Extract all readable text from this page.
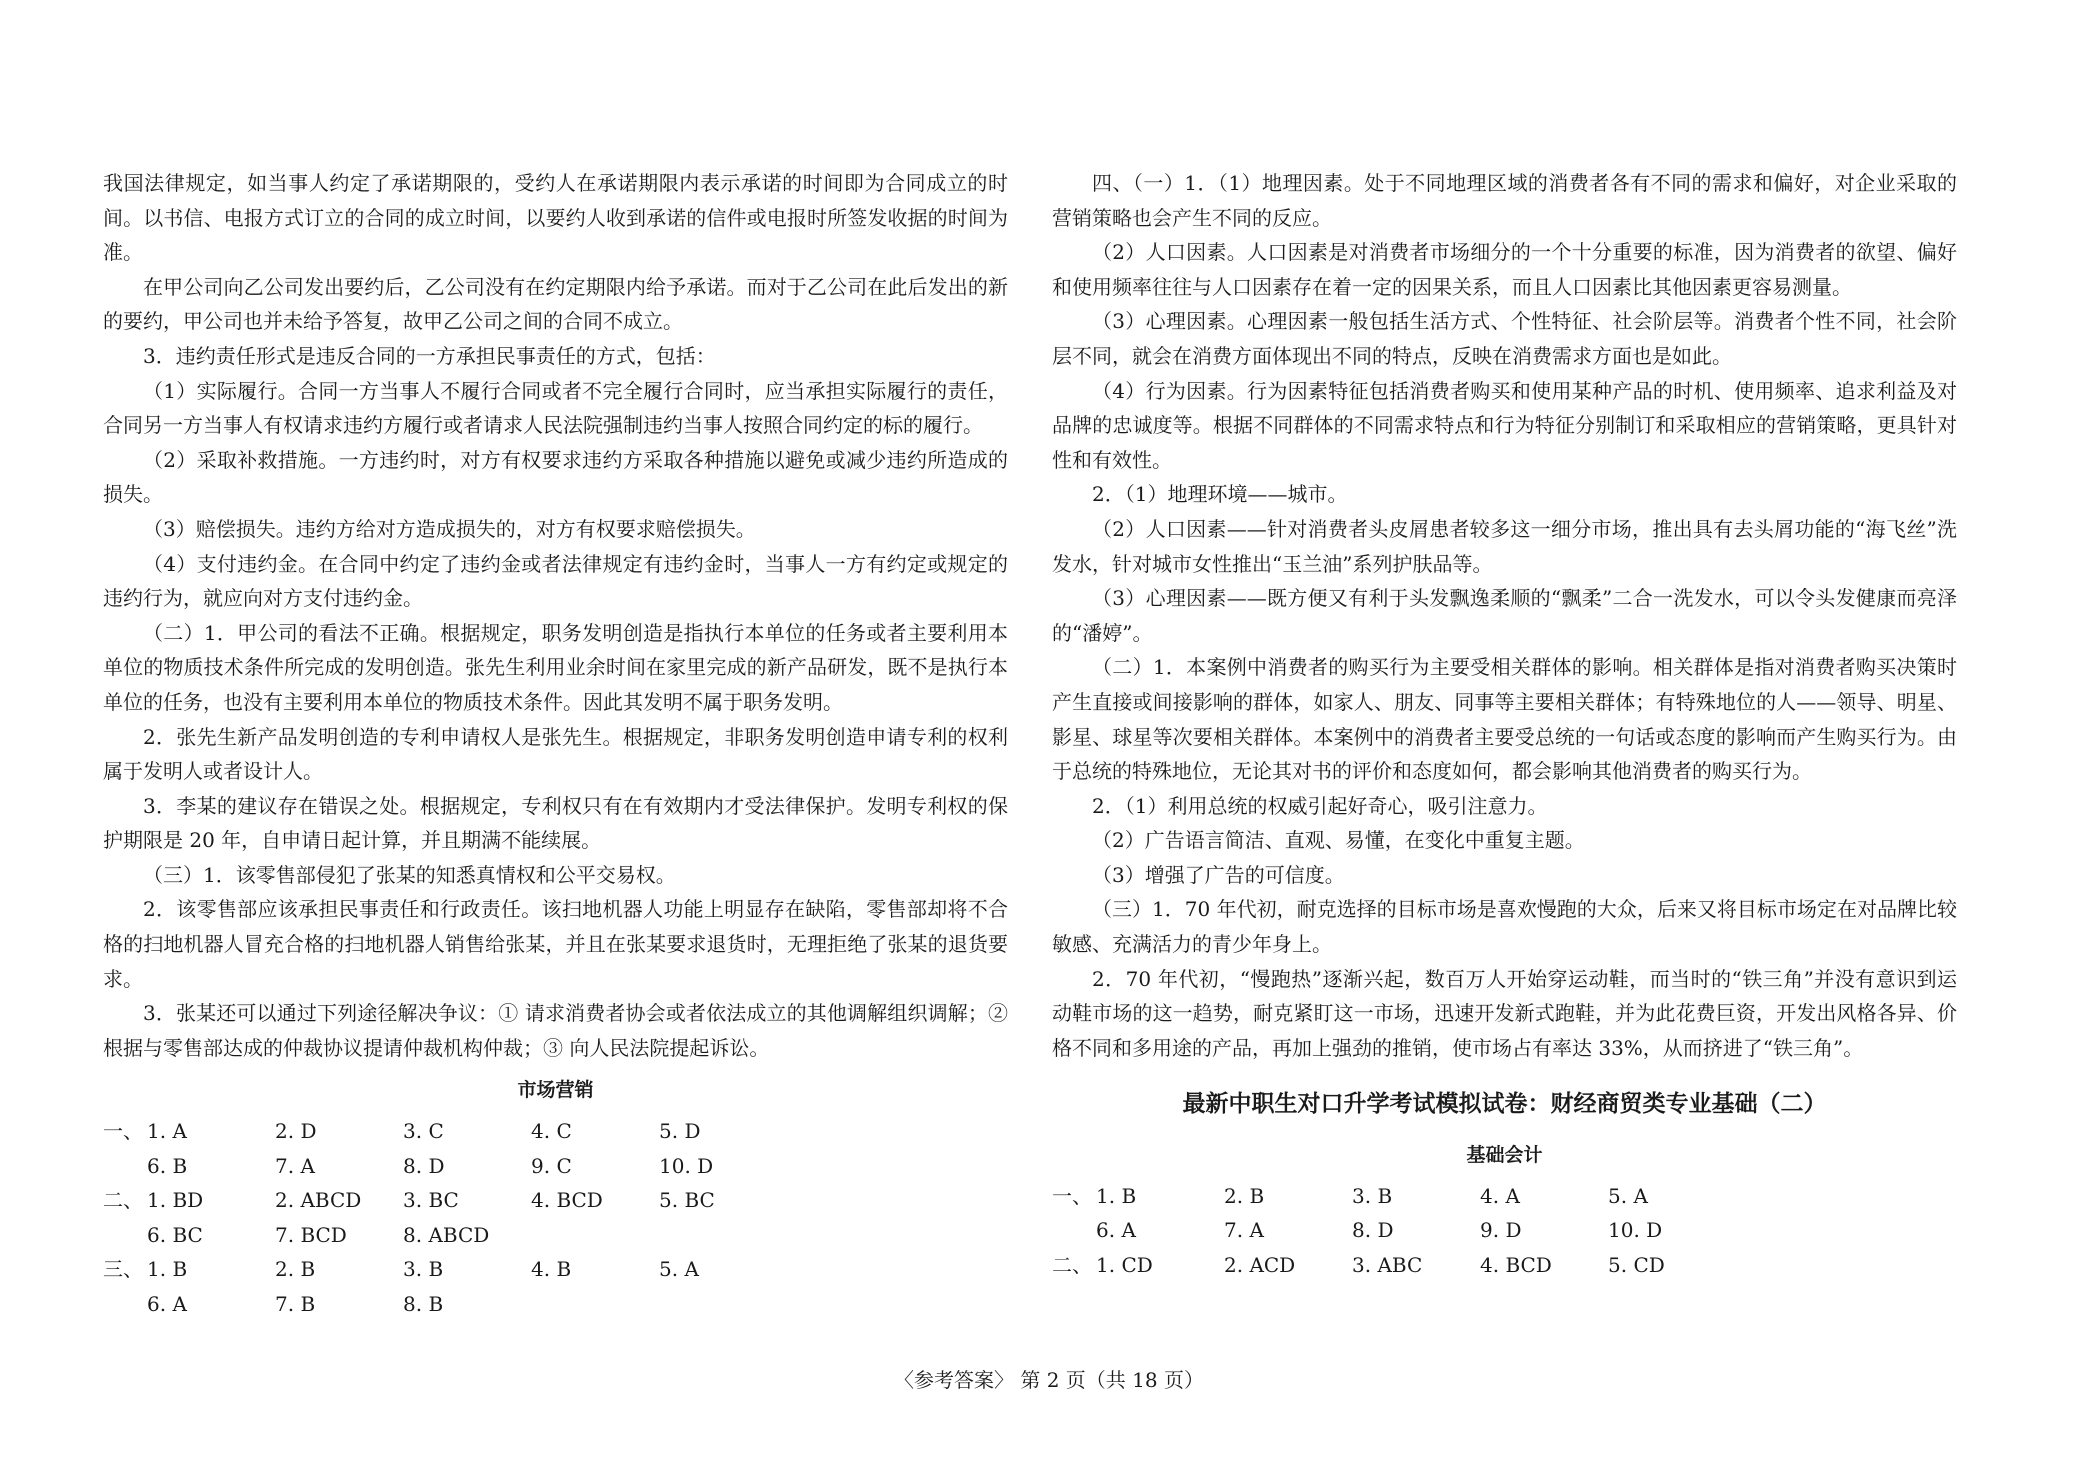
我国法律规定，如当事人约定了承诺期限的，受约人在承诺期限内表示承诺的时间即为合同成立的时间。以书信、电报方式订立的合同的成立时间，以要约人收到承诺的信件或电报时所签发收据的时间为准。

在甲公司向乙公司发出要约后，乙公司没有在约定期限内给予承诺。而对于乙公司在此后发出的新的要约，甲公司也并未给予答复，故甲乙公司之间的合同不成立。

3．违约责任形式是违反合同的一方承担民事责任的方式，包括：

（1）实际履行。合同一方当事人不履行合同或者不完全履行合同时，应当承担实际履行的责任，合同另一方当事人有权请求违约方履行或者请求人民法院强制违约当事人按照合同约定的标的履行。

（2）采取补救措施。一方违约时，对方有权要求违约方采取各种措施以避免或减少违约所造成的损失。

（3）赔偿损失。违约方给对方造成损失的，对方有权要求赔偿损失。

（4）支付违约金。在合同中约定了违约金或者法律规定有违约金时，当事人一方有约定或规定的违约行为，就应向对方支付违约金。

（二）1．甲公司的看法不正确。根据规定，职务发明创造是指执行本单位的任务或者主要利用本单位的物质技术条件所完成的发明创造。张先生利用业余时间在家里完成的新产品研发，既不是执行本单位的任务，也没有主要利用本单位的物质技术条件。因此其发明不属于职务发明。

2．张先生新产品发明创造的专利申请权人是张先生。根据规定，非职务发明创造申请专利的权利属于发明人或者设计人。

3．李某的建议存在错误之处。根据规定，专利权只有在有效期内才受法律保护。发明专利权的保护期限是 20 年，自申请日起计算，并且期满不能续展。

（三）1．该零售部侵犯了张某的知悉真情权和公平交易权。

2．该零售部应该承担民事责任和行政责任。该扫地机器人功能上明显存在缺陷，零售部却将不合格的扫地机器人冒充合格的扫地机器人销售给张某，并且在张某要求退货时，无理拒绝了张某的退货要求。

3．张某还可以通过下列途径解决争议：① 请求消费者协会或者依法成立的其他调解组织调解；② 根据与零售部达成的仲裁协议提请仲裁机构仲裁；③ 向人民法院提起诉讼。

市场营销
一、 1. A	2. D	3. C	4. C	5. D
6. B	7. A	8. D	9. C	10. D
二、 1. BD	2. ABCD	3. BC	4. BCD	5. BC
6. BC	7. BCD	8. ABCD
三、 1. B	2. B	3. B	4. B	5. A
6. A	7. B	8. B

四、（一）1．（1）地理因素。处于不同地理区域的消费者各有不同的需求和偏好，对企业采取的营销策略也会产生不同的反应。

（2）人口因素。人口因素是对消费者市场细分的一个十分重要的标准，因为消费者的欲望、偏好和使用频率往往与人口因素存在着一定的因果关系，而且人口因素比其他因素更容易测量。

（3）心理因素。心理因素一般包括生活方式、个性特征、社会阶层等。消费者个性不同，社会阶层不同，就会在消费方面体现出不同的特点，反映在消费需求方面也是如此。

（4）行为因素。行为因素特征包括消费者购买和使用某种产品的时机、使用频率、追求利益及对品牌的忠诚度等。根据不同群体的不同需求特点和行为特征分别制订和采取相应的营销策略，更具针对性和有效性。

2．（1）地理环境——城市。

（2）人口因素——针对消费者头皮屑患者较多这一细分市场，推出具有去头屑功能的“海飞丝”洗发水，针对城市女性推出“玉兰油”系列护肤品等。

（3）心理因素——既方便又有利于头发飘逸柔顺的“飘柔”二合一洗发水，可以令头发健康而亮泽的“潘婷”。

（二）1．本案例中消费者的购买行为主要受相关群体的影响。相关群体是指对消费者购买决策时产生直接或间接影响的群体，如家人、朋友、同事等主要相关群体；有特殊地位的人——领导、明星、影星、球星等次要相关群体。本案例中的消费者主要受总统的一句话或态度的影响而产生购买行为。由于总统的特殊地位，无论其对书的评价和态度如何，都会影响其他消费者的购买行为。

2．（1）利用总统的权威引起好奇心，吸引注意力。

（2）广告语言简洁、直观、易懂，在变化中重复主题。

（3）增强了广告的可信度。

（三）1．70 年代初，耐克选择的目标市场是喜欢慢跑的大众，后来又将目标市场定在对品牌比较敏感、充满活力的青少年身上。

2．70 年代初，“慢跑热”逐渐兴起，数百万人开始穿运动鞋，而当时的“铁三角”并没有意识到运动鞋市场的这一趋势，耐克紧盯这一市场，迅速开发新式跑鞋，并为此花费巨资，开发出风格各异、价格不同和多用途的产品，再加上强劲的推销，使市场占有率达 33%，从而挤进了“铁三角”。

最新中职生对口升学考试模拟试卷：财经商贸类专业基础（二）
基础会计
一、 1. B	2. B	3. B	4. A	5. A
6. A	7. A	8. D	9. D	10. D
二、 1. CD	2. ACD	3. ABC	4. BCD	5. CD
〈参考答案〉 第 2 页（共 18 页）
